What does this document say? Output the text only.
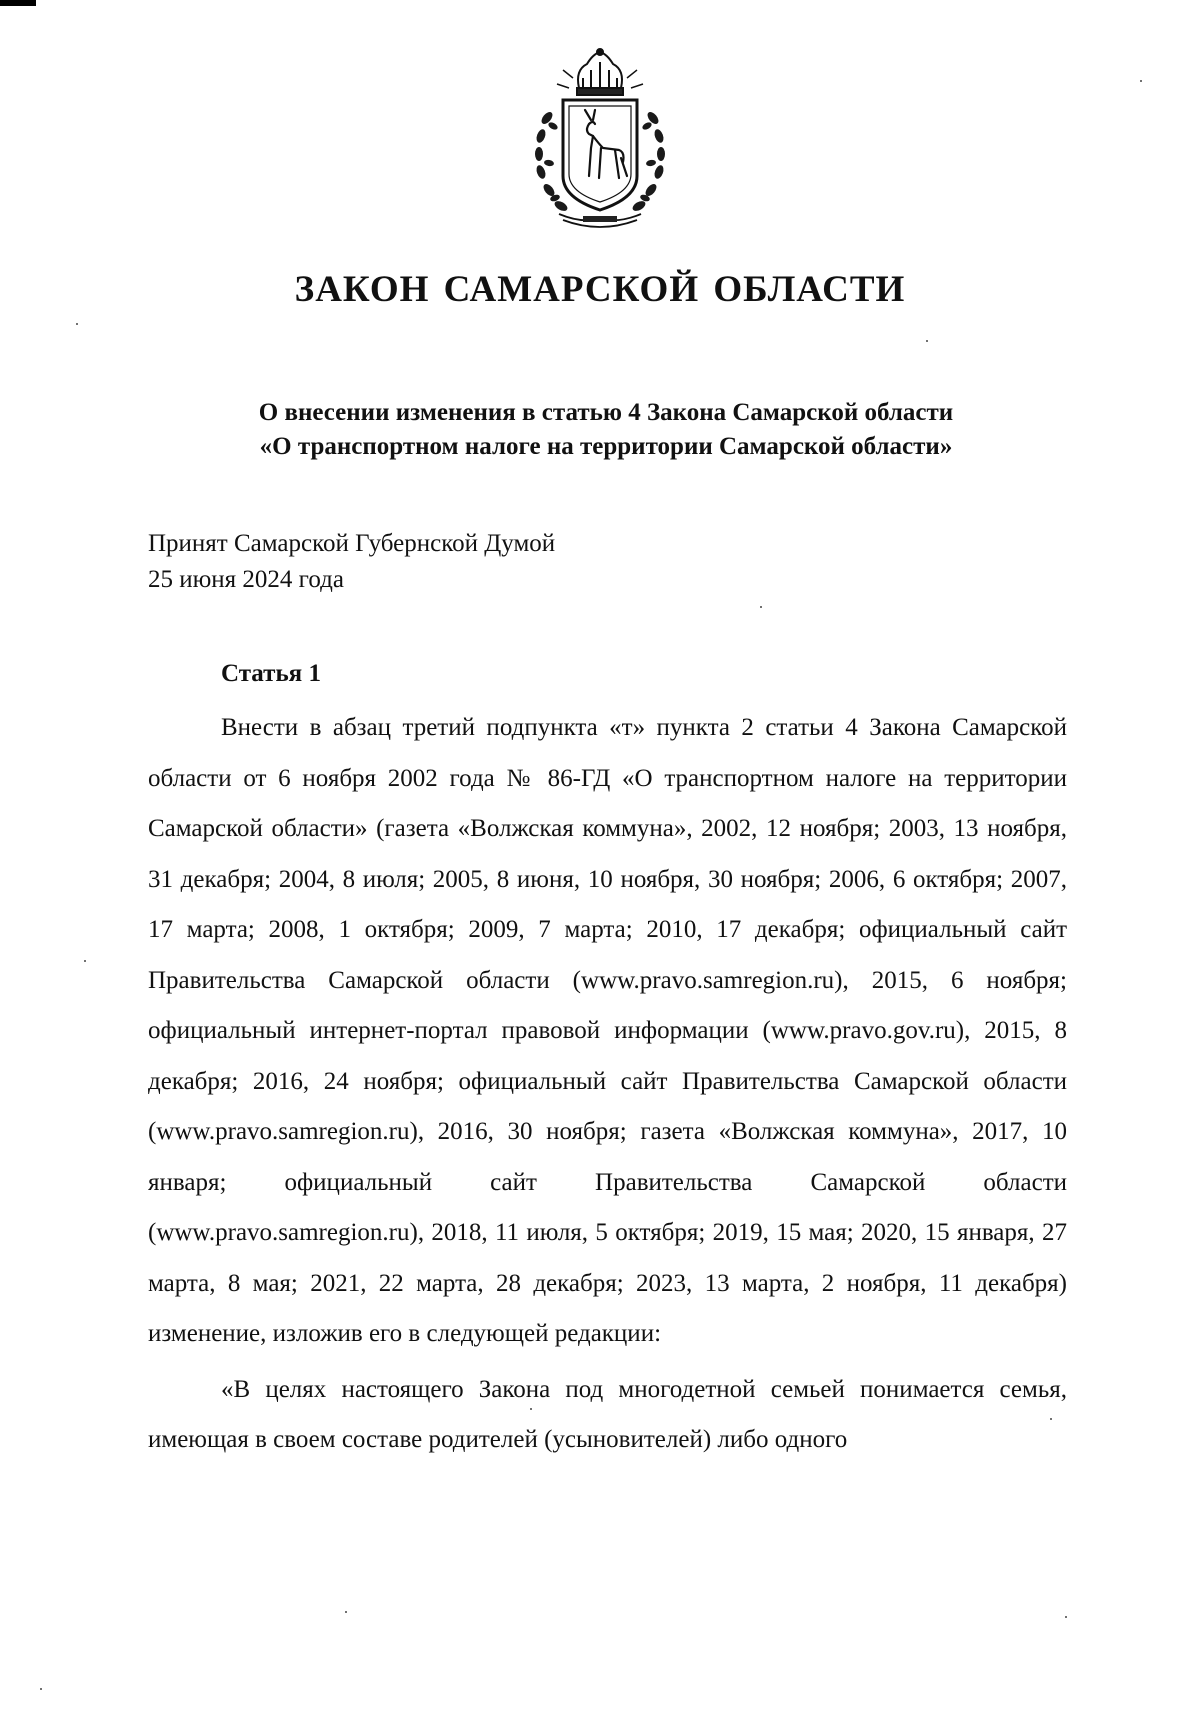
ЗАКОН САМАРСКОЙ ОБЛАСТИ
О внесении изменения в статью 4 Закона Самарской области
«О транспортном налоге на территории Самарской области»
Принят Самарской Губернской Думой
25 июня 2024 года
Статья 1

Внести в абзац третий подпункта «т» пункта 2 статьи 4 Закона Самарской области от 6 ноября 2002 года № 86-ГД «О транспортном налоге на территории Самарской области» (газета «Волжская коммуна», 2002, 12 ноября; 2003, 13 ноября, 31 декабря; 2004, 8 июля; 2005, 8 июня, 10 ноября, 30 ноября; 2006, 6 октября; 2007, 17 марта; 2008, 1 октября; 2009, 7 марта; 2010, 17 декабря; официальный сайт Правительства Самарской области (www.pravo.samregion.ru), 2015, 6 ноября; официальный интернет-портал правовой информации (www.pravo.gov.ru), 2015, 8 декабря; 2016, 24 ноября; официальный сайт Правительства Самарской области (www.pravo.samregion.ru), 2016, 30 ноября; газета «Волжская коммуна», 2017, 10 января; официальный сайт Правительства Самарской области (www.pravo.samregion.ru), 2018, 11 июля, 5 октября; 2019, 15 мая; 2020, 15 января, 27 марта, 8 мая; 2021, 22 марта, 28 декабря; 2023, 13 марта, 2 ноября, 11 декабря) изменение, изложив его в следующей редакции:

«В целях настоящего Закона под многодетной семьей понимается семья, имеющая в своем составе родителей (усыновителей) либо одного
